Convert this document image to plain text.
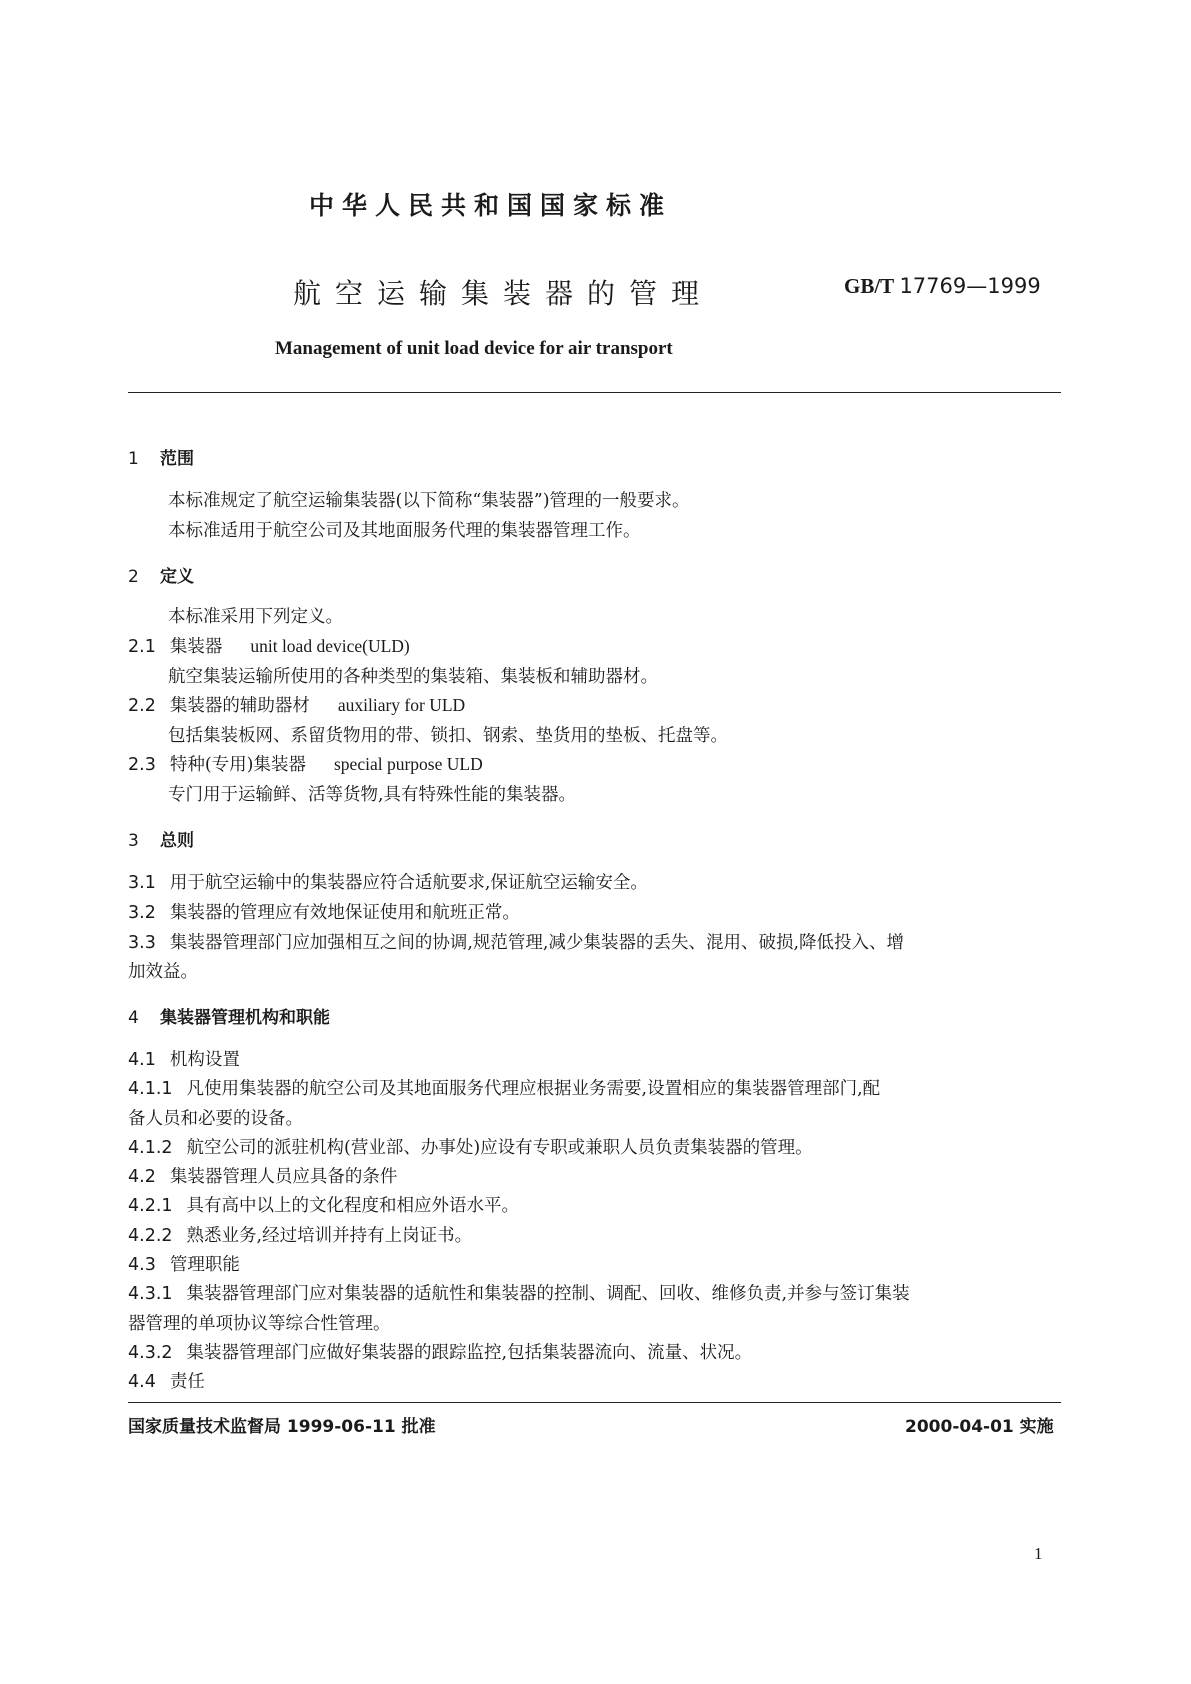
中华人民共和国国家标准
航空运输集装器的管理	GB/T 17769—1999
Management of unit load device for air transport
1 范围
本标准规定了航空运输集装器(以下简称“集装器”)管理的一般要求。
本标准适用于航空公司及其地面服务代理的集装器管理工作。
2 定义
本标准采用下列定义。
2.1 集装器 unit load device(ULD)
航空集装运输所使用的各种类型的集装箱、集装板和辅助器材。
2.2 集装器的辅助器材 auxiliary for ULD
包括集装板网、系留货物用的带、锁扣、钢索、垫货用的垫板、托盘等。
2.3 特种(专用)集装器 special purpose ULD
专门用于运输鲜、活等货物,具有特殊性能的集装器。
3 总则
3.1 用于航空运输中的集装器应符合适航要求,保证航空运输安全。
3.2 集装器的管理应有效地保证使用和航班正常。
3.3 集装器管理部门应加强相互之间的协调,规范管理,减少集装器的丢失、混用、破损,降低投入、增
加效益。
4 集装器管理机构和职能
4.1 机构设置
4.1.1 凡使用集装器的航空公司及其地面服务代理应根据业务需要,设置相应的集装器管理部门,配
备人员和必要的设备。
4.1.2 航空公司的派驻机构(营业部、办事处)应设有专职或兼职人员负责集装器的管理。
4.2 集装器管理人员应具备的条件
4.2.1 具有高中以上的文化程度和相应外语水平。
4.2.2 熟悉业务,经过培训并持有上岗证书。
4.3 管理职能
4.3.1 集装器管理部门应对集装器的适航性和集装器的控制、调配、回收、维修负责,并参与签订集装
器管理的单项协议等综合性管理。
4.3.2 集装器管理部门应做好集装器的跟踪监控,包括集装器流向、流量、状况。
4.4 责任
国家质量技术监督局 1999-06-11 批准	2000-04-01 实施
1
